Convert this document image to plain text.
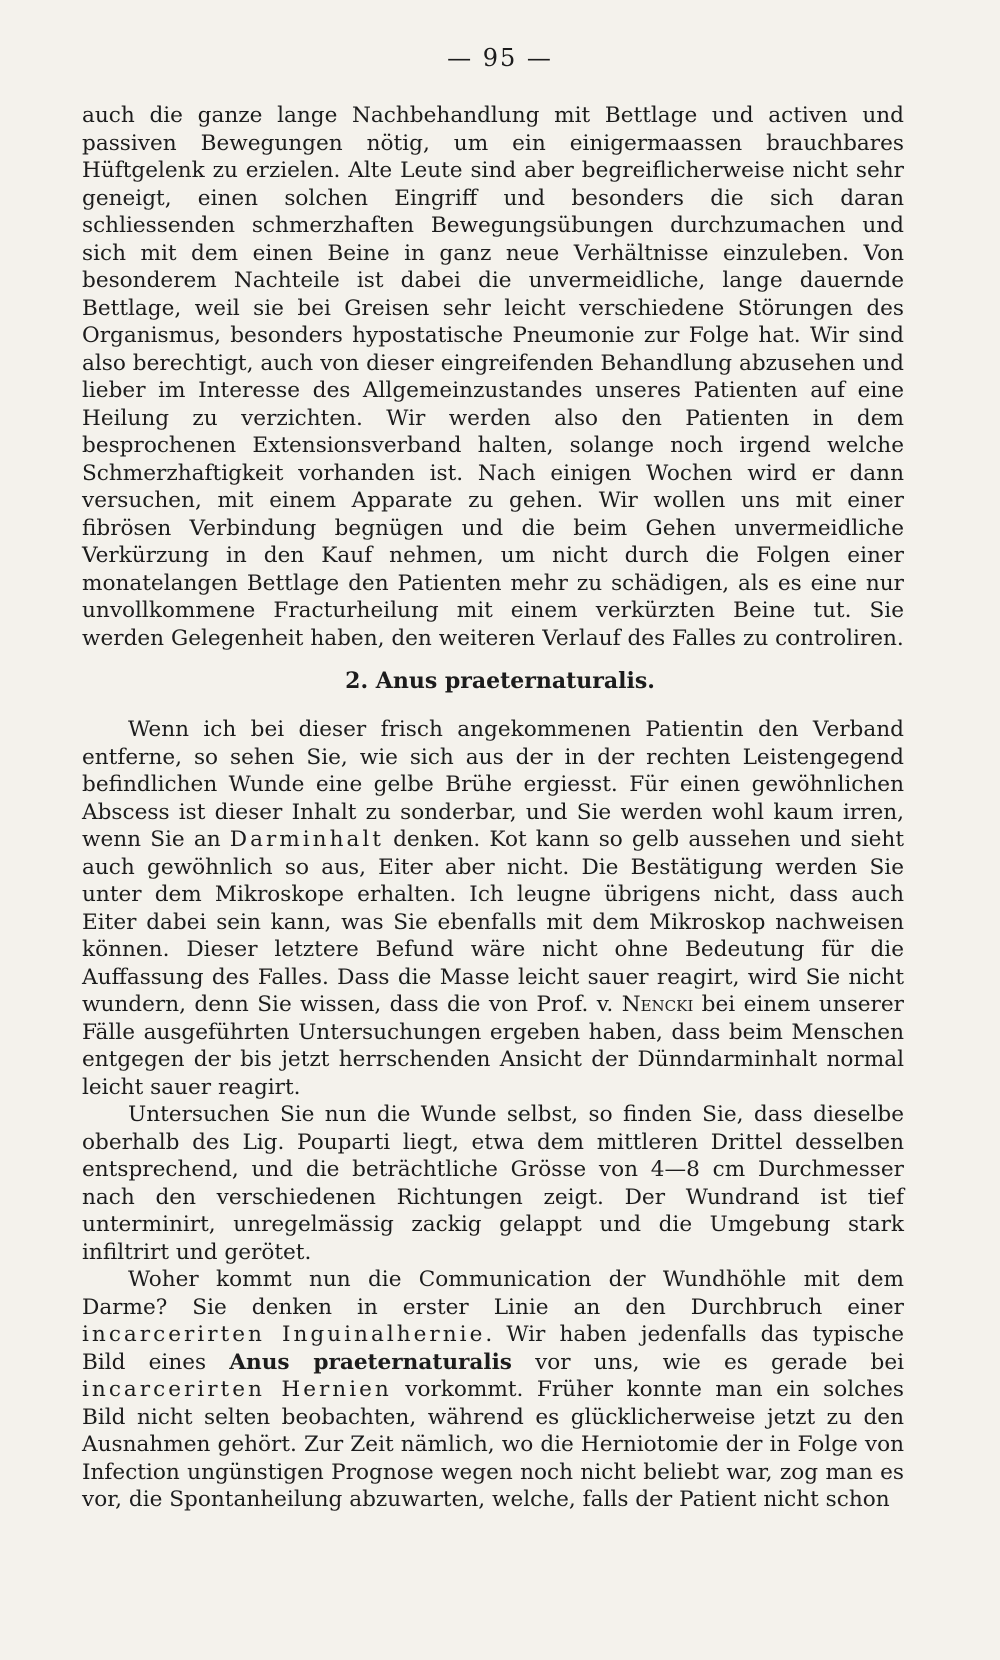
— 95 —

auch die ganze lange Nachbehandlung mit Bettlage und activen und passiven Bewegungen nötig, um ein einigermaassen brauchbares Hüftgelenk zu erzielen. Alte Leute sind aber begreiflicherweise nicht sehr geneigt, einen solchen Eingriff und besonders die sich daran schliessenden schmerzhaften Bewegungsübungen durchzumachen und sich mit dem einen Beine in ganz neue Verhältnisse einzuleben. Von besonderem Nachteile ist dabei die unvermeidliche, lange dauernde Bettlage, weil sie bei Greisen sehr leicht verschiedene Störungen des Organismus, besonders hypostatische Pneumonie zur Folge hat. Wir sind also berechtigt, auch von dieser eingreifenden Behandlung abzusehen und lieber im Interesse des Allgemeinzustandes unseres Patienten auf eine Heilung zu verzichten. Wir werden also den Patienten in dem besprochenen Extensionsverband halten, solange noch irgend welche Schmerzhaftigkeit vorhanden ist. Nach einigen Wochen wird er dann versuchen, mit einem Apparate zu gehen. Wir wollen uns mit einer fibrösen Verbindung begnügen und die beim Gehen unvermeidliche Verkürzung in den Kauf nehmen, um nicht durch die Folgen einer monatelangen Bettlage den Patienten mehr zu schädigen, als es eine nur unvollkommene Fracturheilung mit einem verkürzten Beine tut. Sie werden Gelegenheit haben, den weiteren Verlauf des Falles zu controliren.

2. Anus praeternaturalis.

Wenn ich bei dieser frisch angekommenen Patientin den Verband entferne, so sehen Sie, wie sich aus der in der rechten Leistengegend befindlichen Wunde eine gelbe Brühe ergiesst. Für einen gewöhnlichen Abscess ist dieser Inhalt zu sonderbar, und Sie werden wohl kaum irren, wenn Sie an Darminhalt denken. Kot kann so gelb aussehen und sieht auch gewöhnlich so aus, Eiter aber nicht. Die Bestätigung werden Sie unter dem Mikroskope erhalten. Ich leugne übrigens nicht, dass auch Eiter dabei sein kann, was Sie ebenfalls mit dem Mikroskop nachweisen können. Dieser letztere Befund wäre nicht ohne Bedeutung für die Auffassung des Falles. Dass die Masse leicht sauer reagirt, wird Sie nicht wundern, denn Sie wissen, dass die von Prof. v. Nencki bei einem unserer Fälle ausgeführten Untersuchungen ergeben haben, dass beim Menschen entgegen der bis jetzt herrschenden Ansicht der Dünndarminhalt normal leicht sauer reagirt.

Untersuchen Sie nun die Wunde selbst, so finden Sie, dass dieselbe oberhalb des Lig. Pouparti liegt, etwa dem mittleren Drittel desselben entsprechend, und die beträchtliche Grösse von 4—8 cm Durchmesser nach den verschiedenen Richtungen zeigt. Der Wundrand ist tief unterminirt, unregelmässig zackig gelappt und die Umgebung stark infiltrirt und gerötet.

Woher kommt nun die Communication der Wundhöhle mit dem Darme? Sie denken in erster Linie an den Durchbruch einer incarcerirten Inguinalhernie. Wir haben jedenfalls das typische Bild eines Anus praeternaturalis vor uns, wie es gerade bei incarcerirten Hernien vorkommt. Früher konnte man ein solches Bild nicht selten beobachten, während es glücklicherweise jetzt zu den Ausnahmen gehört. Zur Zeit nämlich, wo die Herniotomie der in Folge von Infection ungünstigen Prognose wegen noch nicht beliebt war, zog man es vor, die Spontanheilung abzuwarten, welche, falls der Patient nicht schon
